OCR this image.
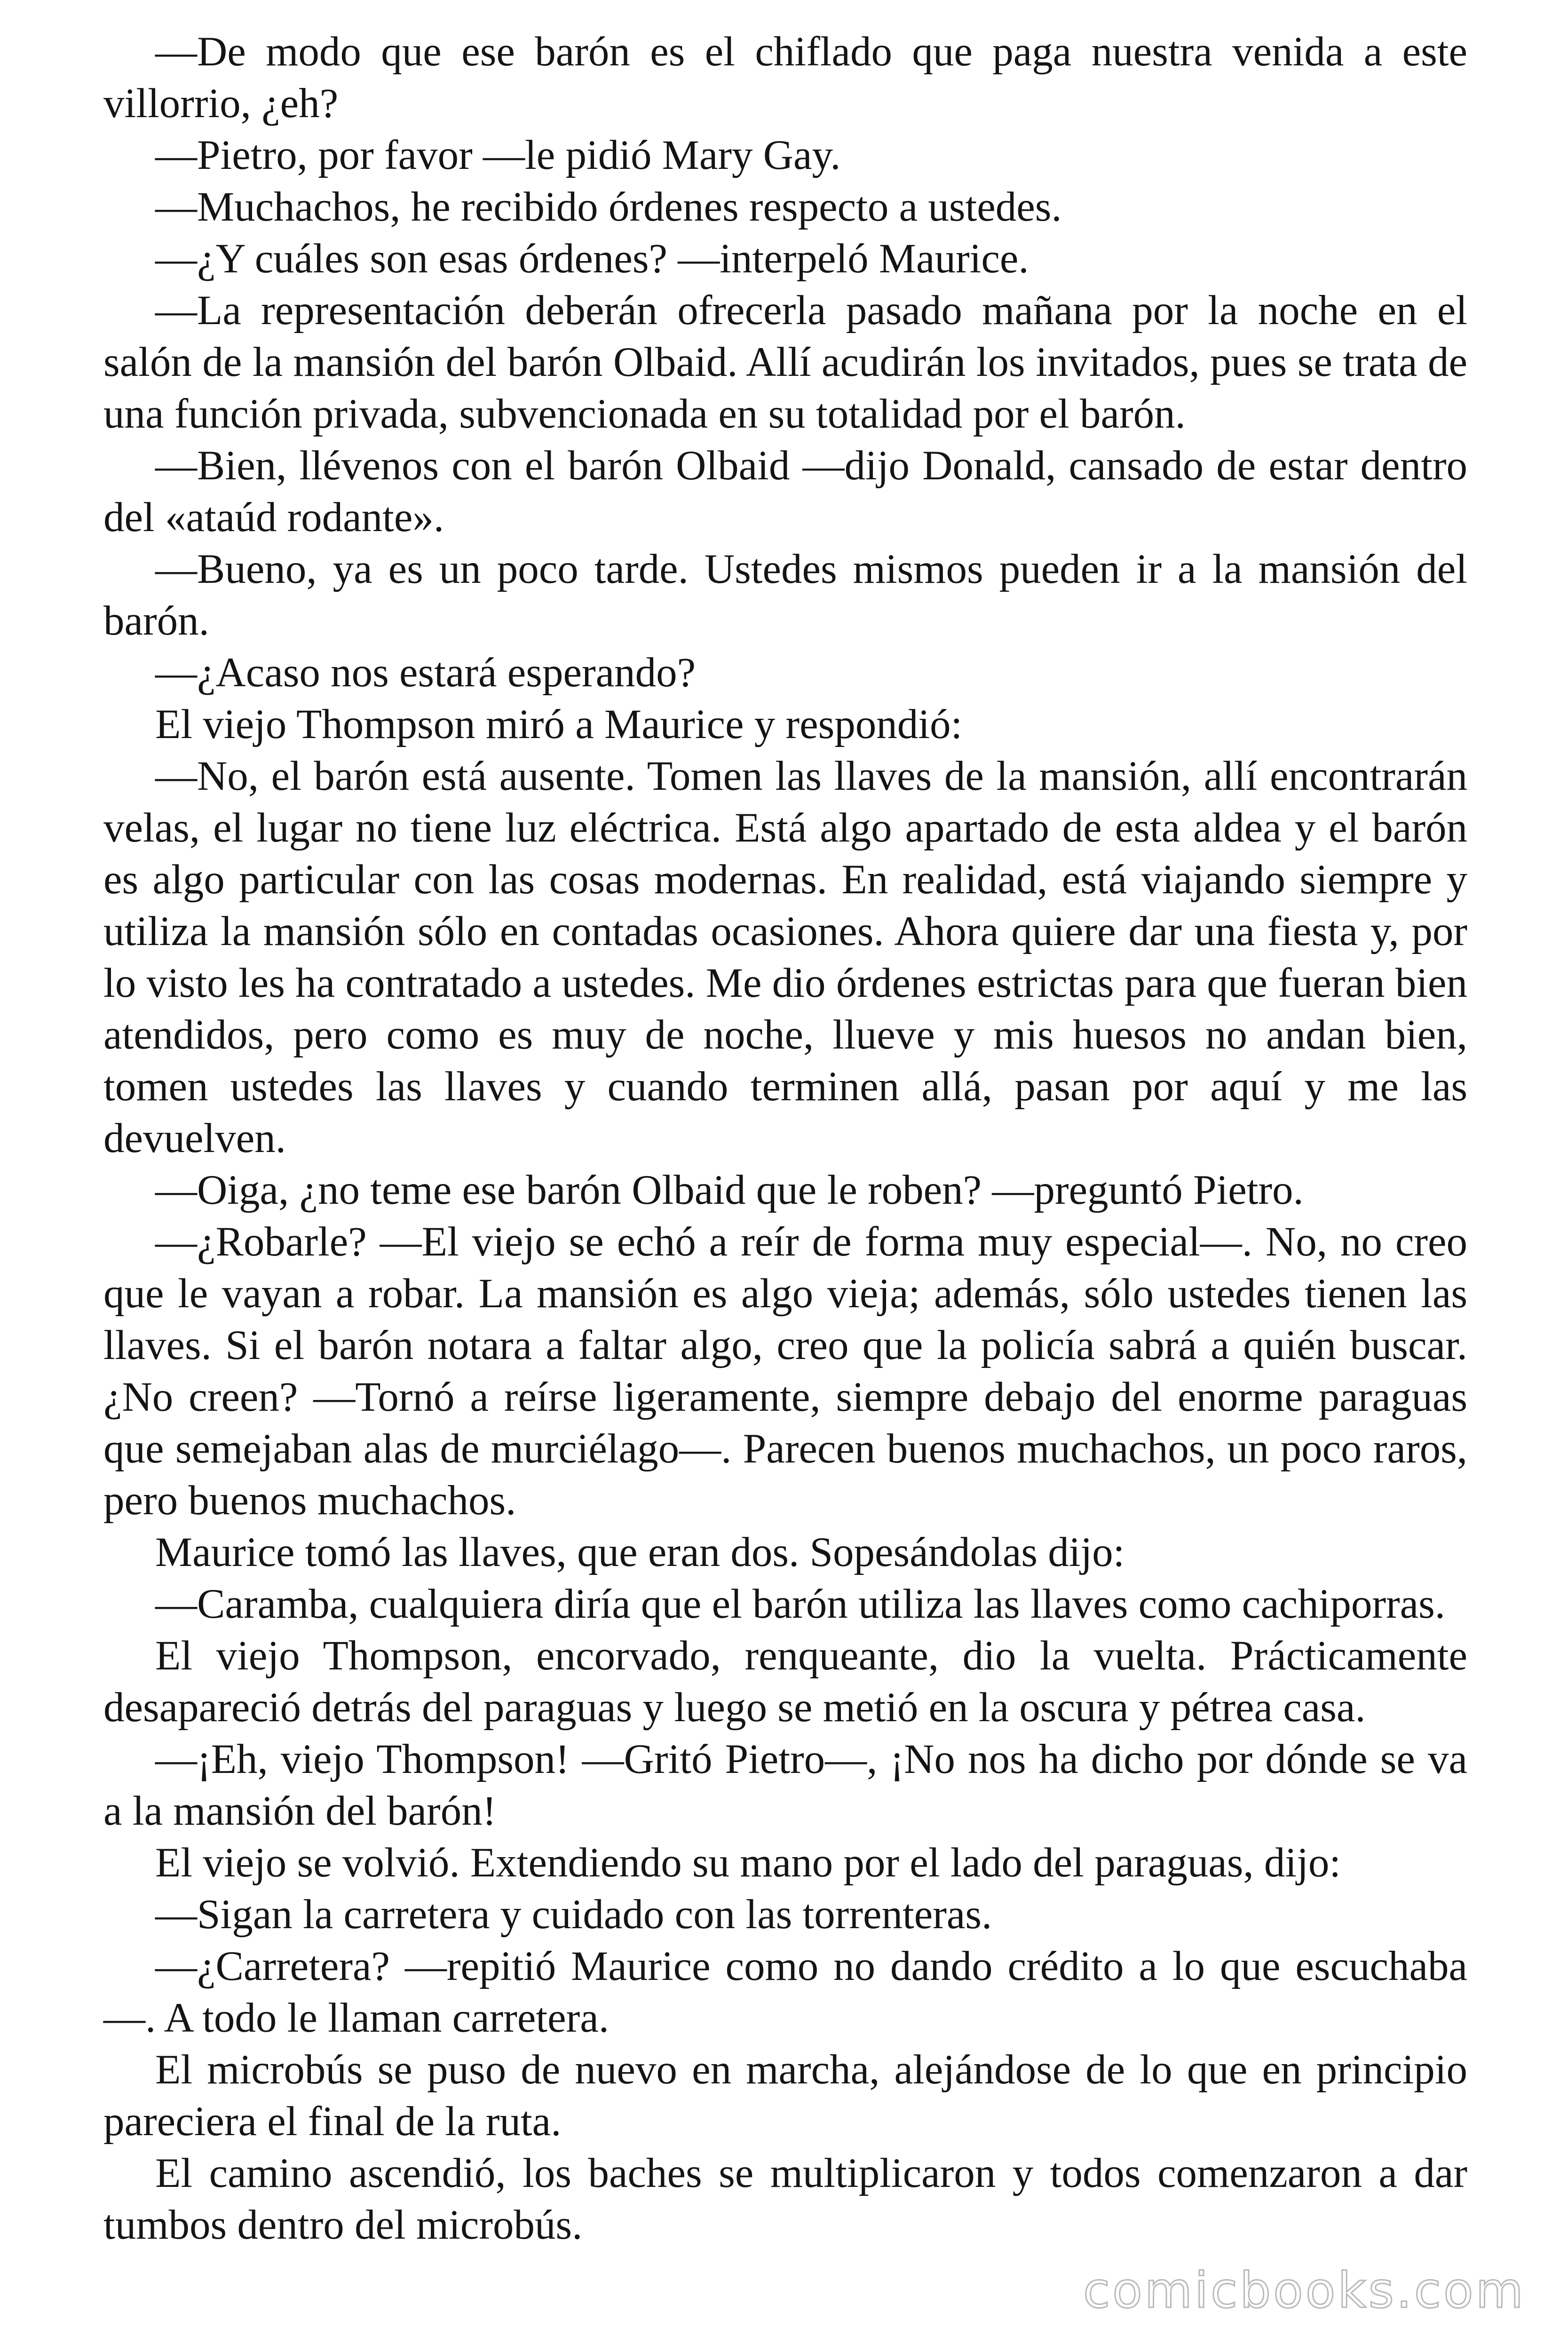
—De modo que ese barón es el chiflado que paga nuestra venida a este villorrio, ¿eh?

—Pietro, por favor —le pidió Mary Gay.

—Muchachos, he recibido órdenes respecto a ustedes.

—¿Y cuáles son esas órdenes? —interpeló Maurice.

—La representación deberán ofrecerla pasado mañana por la noche en el salón de la mansión del barón Olbaid. Allí acudirán los invitados, pues se trata de una función privada, subvencionada en su totalidad por el barón.

—Bien, llévenos con el barón Olbaid —dijo Donald, cansado de estar dentro del «ataúd rodante».

—Bueno, ya es un poco tarde. Ustedes mismos pueden ir a la mansión del barón.

—¿Acaso nos estará esperando?

El viejo Thompson miró a Maurice y respondió:

—No, el barón está ausente. Tomen las llaves de la mansión, allí encontrarán velas, el lugar no tiene luz eléctrica. Está algo apartado de esta aldea y el barón es algo particular con las cosas modernas. En realidad, está viajando siempre y utiliza la mansión sólo en contadas ocasiones. Ahora quiere dar una fiesta y, por lo visto les ha contratado a ustedes. Me dio órdenes estrictas para que fueran bien atendidos, pero como es muy de noche, llueve y mis huesos no andan bien, tomen ustedes las llaves y cuando terminen allá, pasan por aquí y me las devuelven.

—Oiga, ¿no teme ese barón Olbaid que le roben? —preguntó Pietro.

—¿Robarle? —El viejo se echó a reír de forma muy especial—. No, no creo que le vayan a robar. La mansión es algo vieja; además, sólo ustedes tienen las llaves. Si el barón notara a faltar algo, creo que la policía sabrá a quién buscar. ¿No creen? —Tornó a reírse ligeramente, siempre debajo del enorme paraguas que semejaban alas de murciélago—. Parecen buenos muchachos, un poco raros, pero buenos muchachos.

Maurice tomó las llaves, que eran dos. Sopesándolas dijo:

—Caramba, cualquiera diría que el barón utiliza las llaves como cachiporras.

El viejo Thompson, encorvado, renqueante, dio la vuelta. Prácticamente desapareció detrás del paraguas y luego se metió en la oscura y pétrea casa.

—¡Eh, viejo Thompson! —Gritó Pietro—, ¡No nos ha dicho por dónde se va a la mansión del barón!

El viejo se volvió. Extendiendo su mano por el lado del paraguas, dijo:

—Sigan la carretera y cuidado con las torrenteras.

—¿Carretera? —repitió Maurice como no dando crédito a lo que escuchaba—. A todo le llaman carretera.

El microbús se puso de nuevo en marcha, alejándose de lo que en principio pareciera el final de la ruta.

El camino ascendió, los baches se multiplicaron y todos comenzaron a dar tumbos dentro del microbús.

comicbooks.com
